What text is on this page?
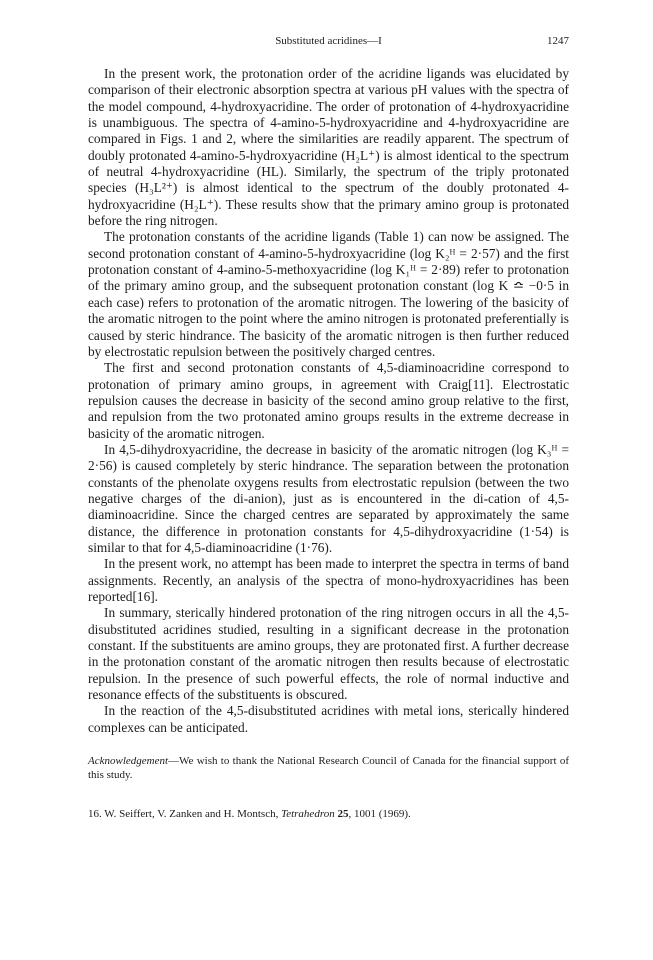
Substituted acridines—I	1247

In the present work, the protonation order of the acridine ligands was elucidated by comparison of their electronic absorption spectra at various pH values with the spectra of the model compound, 4-hydroxyacridine. The order of protonation of 4-hydroxyacridine is unambiguous. The spectra of 4-amino-5-hydroxyacridine and 4-hydroxyacridine are compared in Figs. 1 and 2, where the similarities are readily apparent. The spectrum of doubly protonated 4-amino-5-hydroxyacridine (H₂L⁺) is almost identical to the spectrum of neutral 4-hydroxyacridine (HL). Similarly, the spectrum of the triply protonated species (H₃L²⁺) is almost identical to the spectrum of the doubly protonated 4-hydroxyacridine (H₂L⁺). These results show that the primary amino group is protonated before the ring nitrogen.

The protonation constants of the acridine ligands (Table 1) can now be assigned. The second protonation constant of 4-amino-5-hydroxyacridine (log K₂ᴴ = 2·57) and the first protonation constant of 4-amino-5-methoxyacridine (log K₁ᴴ = 2·89) refer to protonation of the primary amino group, and the subsequent protonation constant (log K ≏ −0·5 in each case) refers to protonation of the aromatic nitrogen. The lowering of the basicity of the aromatic nitrogen to the point where the amino nitrogen is protonated preferentially is caused by steric hindrance. The basicity of the aromatic nitrogen is then further reduced by electrostatic repulsion between the positively charged centres.

The first and second protonation constants of 4,5-diaminoacridine correspond to protonation of primary amino groups, in agreement with Craig[11]. Electrostatic repulsion causes the decrease in basicity of the second amino group relative to the first, and repulsion from the two protonated amino groups results in the extreme decrease in basicity of the aromatic nitrogen.

In 4,5-dihydroxyacridine, the decrease in basicity of the aromatic nitrogen (log K₃ᴴ = 2·56) is caused completely by steric hindrance. The separation between the protonation constants of the phenolate oxygens results from electrostatic repulsion (between the two negative charges of the di-anion), just as is encountered in the di-cation of 4,5-diaminoacridine. Since the charged centres are separated by approximately the same distance, the difference in protonation constants for 4,5-dihydroxyacridine (1·54) is similar to that for 4,5-diaminoacridine (1·76).

In the present work, no attempt has been made to interpret the spectra in terms of band assignments. Recently, an analysis of the spectra of mono-hydroxyacridines has been reported[16].

In summary, sterically hindered protonation of the ring nitrogen occurs in all the 4,5-disubstituted acridines studied, resulting in a significant decrease in the protonation constant. If the substituents are amino groups, they are protonated first. A further decrease in the protonation constant of the aromatic nitrogen then results because of electrostatic repulsion. In the presence of such powerful effects, the role of normal inductive and resonance effects of the substituents is obscured.

In the reaction of the 4,5-disubstituted acridines with metal ions, sterically hindered complexes can be anticipated.

Acknowledgement—We wish to thank the National Research Council of Canada for the financial support of this study.
16. W. Seiffert, V. Zanken and H. Montsch, Tetrahedron 25, 1001 (1969).
